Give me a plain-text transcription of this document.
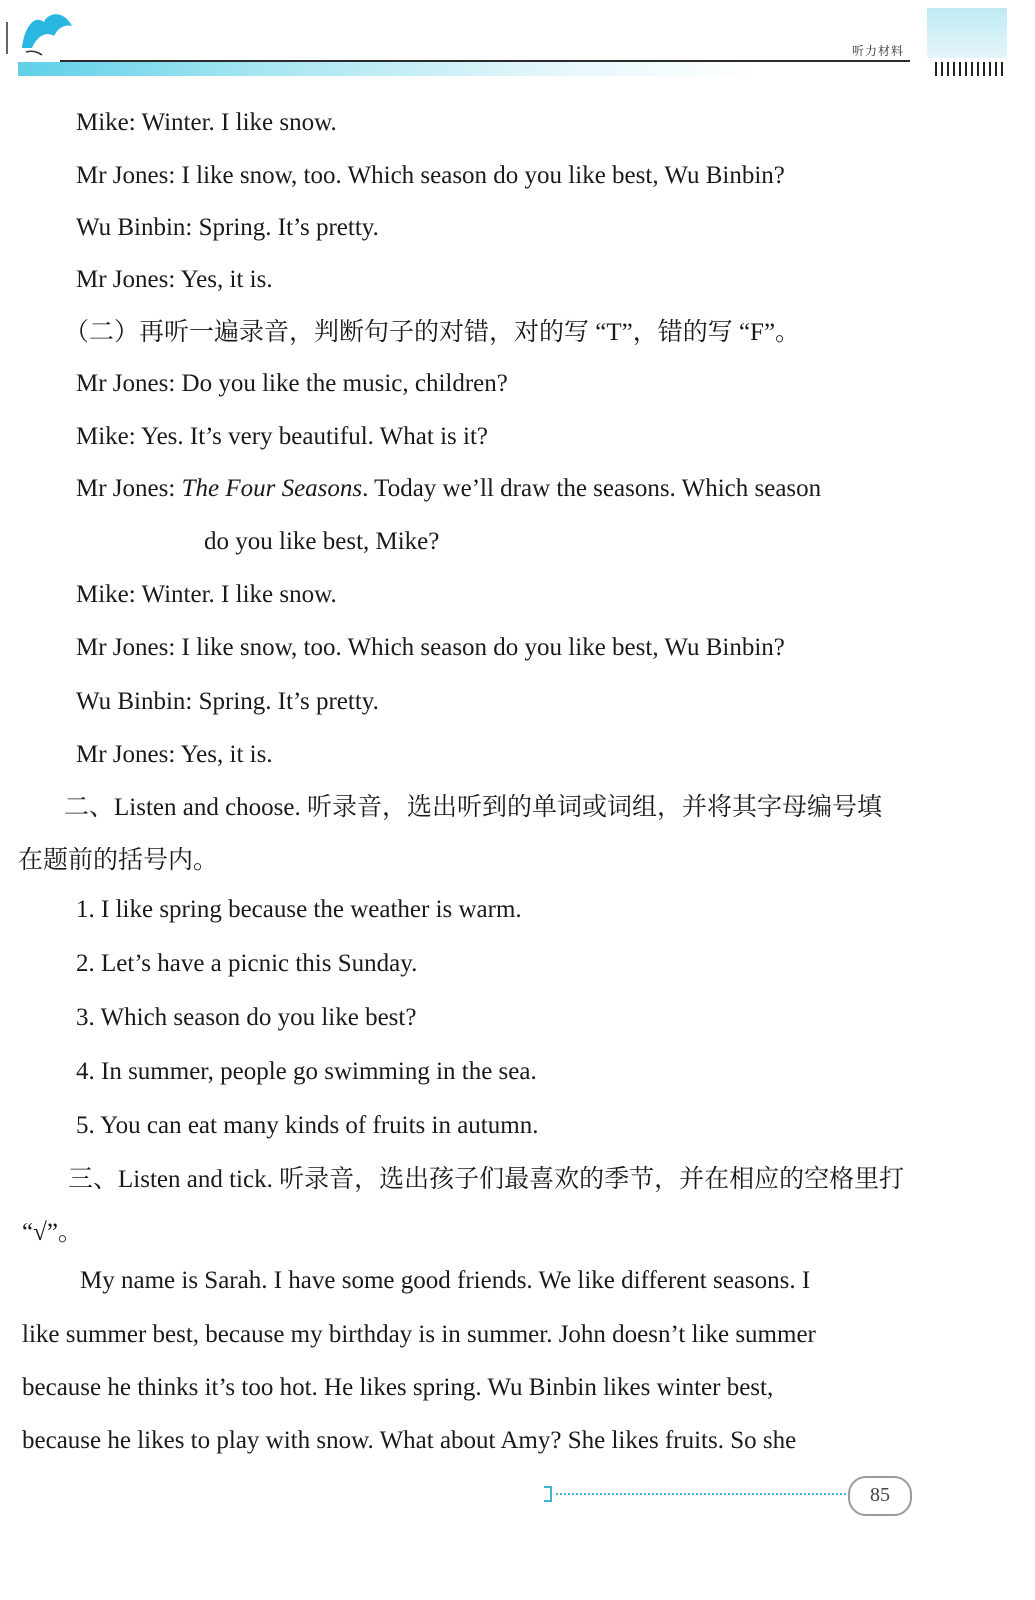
听力材料
Mike: Winter. I like snow.
Mr Jones: I like snow, too. Which season do you like best, Wu Binbin?
Wu Binbin: Spring. It’s pretty.
Mr Jones: Yes, it is.
（二）再听一遍录音，判断句子的对错，对的写 “T”，错的写 “F”。
Mr Jones: Do you like the music, children?
Mike: Yes. It’s very beautiful. What is it?
Mr Jones: The Four Seasons. Today we’ll draw the seasons. Which season
do you like best, Mike?
Mike: Winter. I like snow.
Mr Jones: I like snow, too. Which season do you like best, Wu Binbin?
Wu Binbin: Spring. It’s pretty.
Mr Jones: Yes, it is.
二、Listen and choose. 听录音，选出听到的单词或词组，并将其字母编号填
在题前的括号内。
1. I like spring because the weather is warm.
2. Let’s have a picnic this Sunday.
3. Which season do you like best?
4. In summer, people go swimming in the sea.
5. You can eat many kinds of fruits in autumn.
三、Listen and tick. 听录音，选出孩子们最喜欢的季节，并在相应的空格里打
“√”。
My name is Sarah. I have some good friends. We like different seasons. I
like summer best, because my birthday is in summer. John doesn’t like summer
because he thinks it’s too hot. He likes spring. Wu Binbin likes winter best,
because he likes to play with snow. What about Amy? She likes fruits. So she
85
